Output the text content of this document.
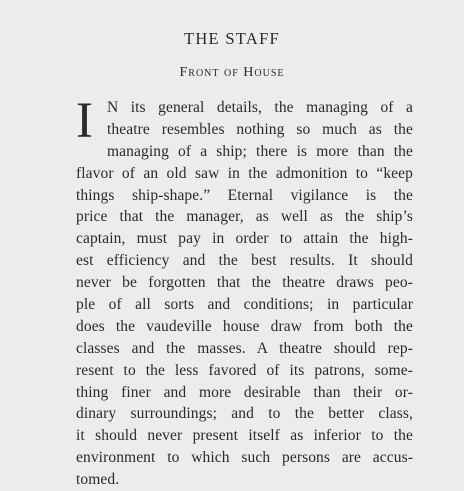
THE STAFF
Front of House
I N its general details, the managing of a
theatre resembles nothing so much as the
managing of a ship; there is more than the
flavor of an old saw in the admonition to “keep
things ship-shape.” Eternal vigilance is the
price that the manager, as well as the ship’s
captain, must pay in order to attain the high-
est efficiency and the best results. It should
never be forgotten that the theatre draws peo-
ple of all sorts and conditions; in particular
does the vaudeville house draw from both the
classes and the masses. A theatre should rep-
resent to the less favored of its patrons, some-
thing finer and more desirable than their or-
dinary surroundings; and to the better class,
it should never present itself as inferior to the
environment to which such persons are accus-
tomed.
